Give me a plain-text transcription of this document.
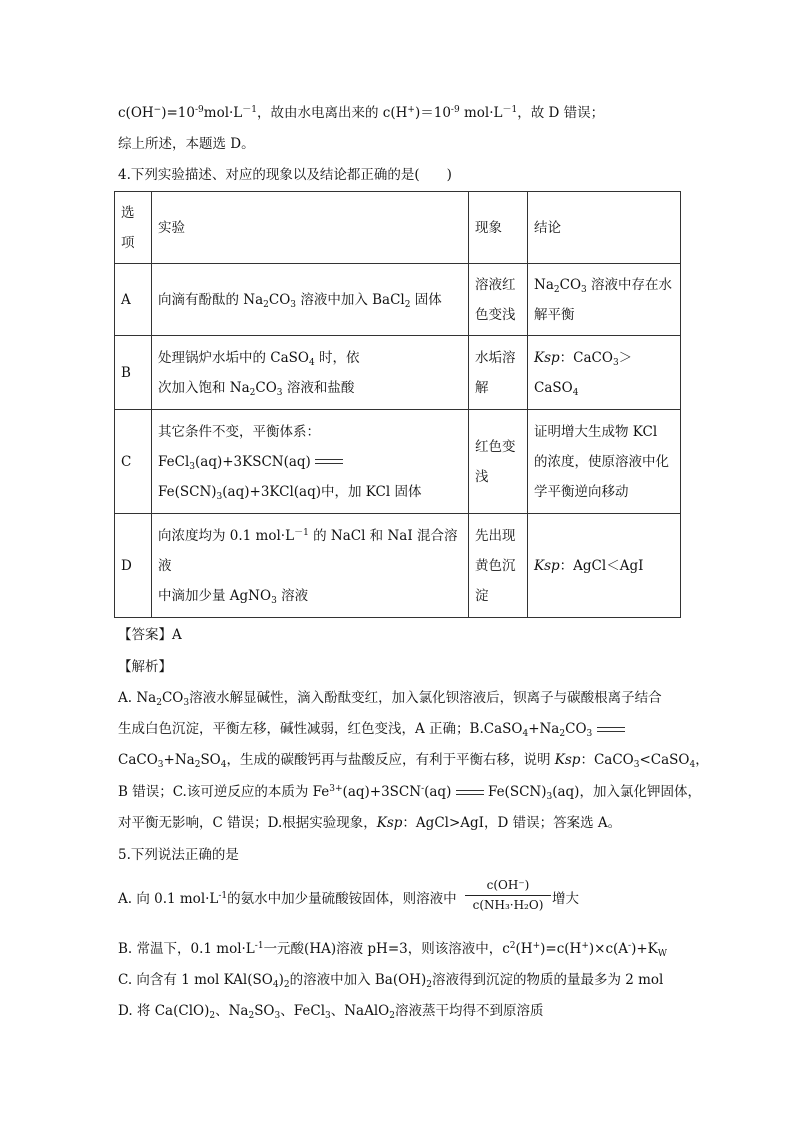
$c(OH^-)=10^{-9}mol\cdot L^{-1}$，故由水电离出来的 $c(H^+)=10^{-9}$ $mol\cdot L^{-1}$，故 D 错误；
综上所述，本题选 D。
4.下列实验描述、对应的现象以及结论都正确的是(　　)
选项	实验	现象	结论
A	向滴有酚酞的 $Na_2CO_3$ 溶液中加入 BaCl$_2$ 固体	溶液红色变浅	$Na_2CO_3$ 溶液中存在水解平衡
B	处理锅炉水垢中的 CaSO$_4$ 时，依
次加入饱和 $Na_2CO_3$ 溶液和盐酸	水垢溶解	Ksp：CaCO$_3$＞CaSO$_4$
C	其它条件不变，平衡体系：
FeCl$_3$(aq)+3KSCN(aq)
$Fe(SCN)_3(aq)+3KCl(aq)$中，加 KCl 固体	红色变浅	证明增大生成物 KCl 的浓度，使原溶液中化学平衡逆向移动
D	向浓度均为 0.1 $mol\cdot L^{-1}$ 的 NaCl 和 NaI 混合溶液
中滴加少量 AgNO$_3$ 溶液	先出现黄色沉淀	Ksp：AgCl＜AgI
【答案】A
【解析】
A. $Na_2CO_3$溶液水解显碱性，滴入酚酞变红，加入氯化钡溶液后，钡离子与碳酸根离子结合
生成白色沉淀，平衡左移，碱性减弱，红色变浅，A 正确；$B.CaSO_4+Na_2CO_3$
$CaCO_3+Na_2SO_4$，生成的碳酸钙再与盐酸反应，有利于平衡右移，说明 Ksp：CaCO$_3$<CaSO$_4$，
B 错误；C.该可逆反应的本质为 $Fe^{3+}(aq)+3SCN^-(aq)$	$Fe(SCN)_3(aq)$，加入氯化钾固体，
对平衡无影响，C 错误；D.根据实验现象，Ksp：AgCl>AgI，D 错误；答案选 A。
5.下列说法正确的是
A. 向 0.1 $mol\cdot L^{-1}$的氨水中加少量硫酸铵固体，则溶液中 $\frac{c(OH^-)}{\text{c(NH₃·H₂O)}}$ 增大
B. 常温下，0.1 $mol\cdot L^{-1}$一元酸(HA)溶液 pH=3，则该溶液中，$c^2(H^+)=c(H^+)\times c(A^-)+K_W$
C. 向含有 1 mol $KAl(SO_4)_2$的溶液中加入 $Ba(OH)_2$溶液得到沉淀的物质的量最多为 2 mol
D. 将 $Ca(ClO)_2$、$Na_2SO_3$、FeCl$_3$、NaAlO$_2$溶液蒸干均得不到原溶质
